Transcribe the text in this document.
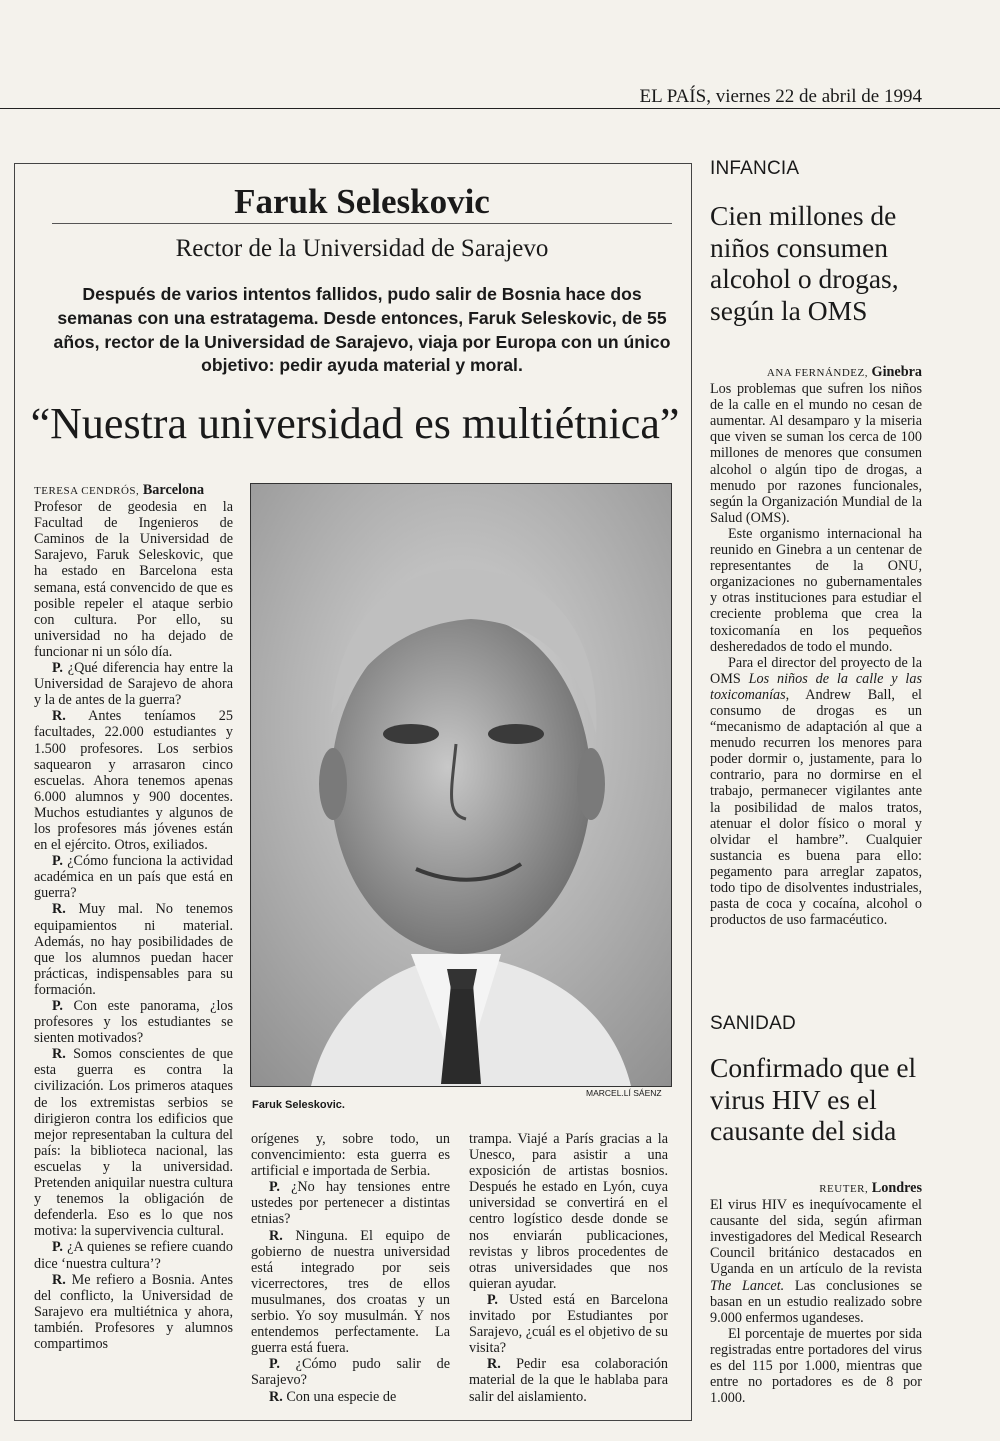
EL PAÍS, viernes 22 de abril de 1994
Faruk Seleskovic
Rector de la Universidad de Sarajevo
Después de varios intentos fallidos, pudo salir de Bosnia hace dos semanas con una estratagema. Desde entonces, Faruk Seleskovic, de 55 años, rector de la Universidad de Sarajevo, viaja por Europa con un único objetivo: pedir ayuda material y moral.
“Nuestra universidad es multiétnica”

TERESA CENDRÓS, Barcelona

Profesor de geodesia en la Facultad de Ingenieros de Caminos de la Universidad de Sarajevo, Faruk Seleskovic, que ha estado en Barcelona esta semana, está convencido de que es posible repeler el ataque serbio con cultura. Por ello, su universidad no ha dejado de funcionar ni un sólo día.

P. ¿Qué diferencia hay entre la Universidad de Sarajevo de ahora y la de antes de la guerra?

R. Antes teníamos 25 facultades, 22.000 estudiantes y 1.500 profesores. Los serbios saquearon y arrasaron cinco escuelas. Ahora tenemos apenas 6.000 alumnos y 900 docentes. Muchos estudiantes y algunos de los profesores más jóvenes están en el ejército. Otros, exiliados.

P. ¿Cómo funciona la actividad académica en un país que está en guerra?

R. Muy mal. No tenemos equipamientos ni material. Además, no hay posibilidades de que los alumnos puedan hacer prácticas, indispensables para su formación.

P. Con este panorama, ¿los profesores y los estudiantes se sienten motivados?

R. Somos conscientes de que esta guerra es contra la civilización. Los primeros ataques de los extremistas serbios se dirigieron contra los edificios que mejor representaban la cultura del país: la biblioteca nacional, las escuelas y la universidad. Pretenden aniquilar nuestra cultura y tenemos la obligación de defenderla. Eso es lo que nos motiva: la supervivencia cultural.

P. ¿A quienes se refiere cuando dice ‘nuestra cultura’?

R. Me refiero a Bosnia. Antes del conflicto, la Universidad de Sarajevo era multiétnica y ahora, también. Profesores y alumnos compartimos

MARCEL.LÍ SÁENZ
Faruk Seleskovic.

orígenes y, sobre todo, un convencimiento: esta guerra es artificial e importada de Serbia.

P. ¿No hay tensiones entre ustedes por pertenecer a distintas etnias?

R. Ninguna. El equipo de gobierno de nuestra universidad está integrado por seis vicerrectores, tres de ellos musulmanes, dos croatas y un serbio. Yo soy musulmán. Y nos entendemos perfectamente. La guerra está fuera.

P. ¿Cómo pudo salir de Sarajevo?

R. Con una especie de

trampa. Viajé a París gracias a la Unesco, para asistir a una exposición de artistas bosnios. Después he estado en Lyón, cuya universidad se convertirá en el centro logístico desde donde se nos enviarán publicaciones, revistas y libros procedentes de otras universidades que nos quieran ayudar.

P. Usted está en Barcelona invitado por Estudiantes por Sarajevo, ¿cuál es el objetivo de su visita?

R. Pedir esa colaboración material de la que le hablaba para salir del aislamiento.

INFANCIA
Cien millones de niños consumen alcohol o drogas, según la OMS

ANA FERNÁNDEZ, Ginebra

Los problemas que sufren los niños de la calle en el mundo no cesan de aumentar. Al desamparo y la miseria que viven se suman los cerca de 100 millones de menores que consumen alcohol o algún tipo de drogas, a menudo por razones funcionales, según la Organización Mundial de la Salud (OMS).

Este organismo internacional ha reunido en Ginebra a un centenar de representantes de la ONU, organizaciones no gubernamentales y otras instituciones para estudiar el creciente problema que crea la toxicomanía en los pequeños desheredados de todo el mundo.

Para el director del proyecto de la OMS Los niños de la calle y las toxicomanías, Andrew Ball, el consumo de drogas es un “mecanismo de adaptación al que a menudo recurren los menores para poder dormir o, justamente, para lo contrario, para no dormirse en el trabajo, permanecer vigilantes ante la posibilidad de malos tratos, atenuar el dolor físico o moral y olvidar el hambre”. Cualquier sustancia es buena para ello: pegamento para arreglar zapatos, todo tipo de disolventes industriales, pasta de coca y cocaína, alcohol o productos de uso farmacéutico.

SANIDAD
Confirmado que el virus HIV es el causante del sida

REUTER, Londres

El virus HIV es inequívocamente el causante del sida, según afirman investigadores del Medical Research Council británico destacados en Uganda en un artículo de la revista The Lancet. Las conclusiones se basan en un estudio realizado sobre 9.000 enfermos ugandeses.

El porcentaje de muertes por sida registradas entre portadores del virus es del 115 por 1.000, mientras que entre no portadores es de 8 por 1.000.
